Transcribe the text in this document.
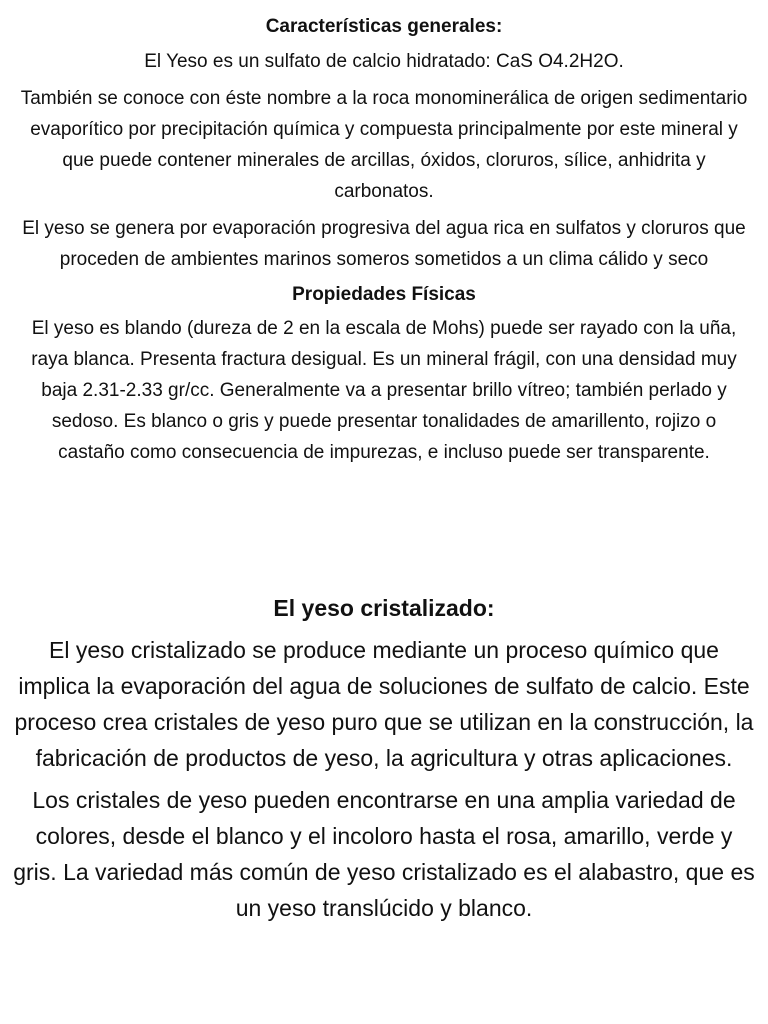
Características generales:

El Yeso es un sulfato de calcio hidratado: CaS O4.2H2O.

También se conoce con éste nombre a la roca monominerálica de origen sedimentario evaporítico por precipitación química y compuesta principalmente por este mineral y que puede contener minerales de arcillas, óxidos, cloruros, sílice, anhidrita y carbonatos.

El yeso se genera por evaporación progresiva del agua rica en sulfatos y cloruros que proceden de ambientes marinos someros sometidos a un clima cálido y seco

Propiedades Físicas

El yeso es blando (dureza de 2 en la escala de Mohs) puede ser rayado con la uña, raya blanca. Presenta fractura desigual. Es un mineral frágil, con una densidad muy baja 2.31-2.33 gr/cc. Generalmente va a presentar brillo vítreo; también perlado y sedoso. Es blanco o gris y puede presentar tonalidades de amarillento, rojizo o castaño como consecuencia de impurezas, e incluso puede ser transparente.

El yeso cristalizado:

El yeso cristalizado se produce mediante un proceso químico que implica la evaporación del agua de soluciones de sulfato de calcio. Este proceso crea cristales de yeso puro que se utilizan en la construcción, la fabricación de productos de yeso, la agricultura y otras aplicaciones.

Los cristales de yeso pueden encontrarse en una amplia variedad de colores, desde el blanco y el incoloro hasta el rosa, amarillo, verde y gris. La variedad más común de yeso cristalizado es el alabastro, que es un yeso translúcido y blanco.
